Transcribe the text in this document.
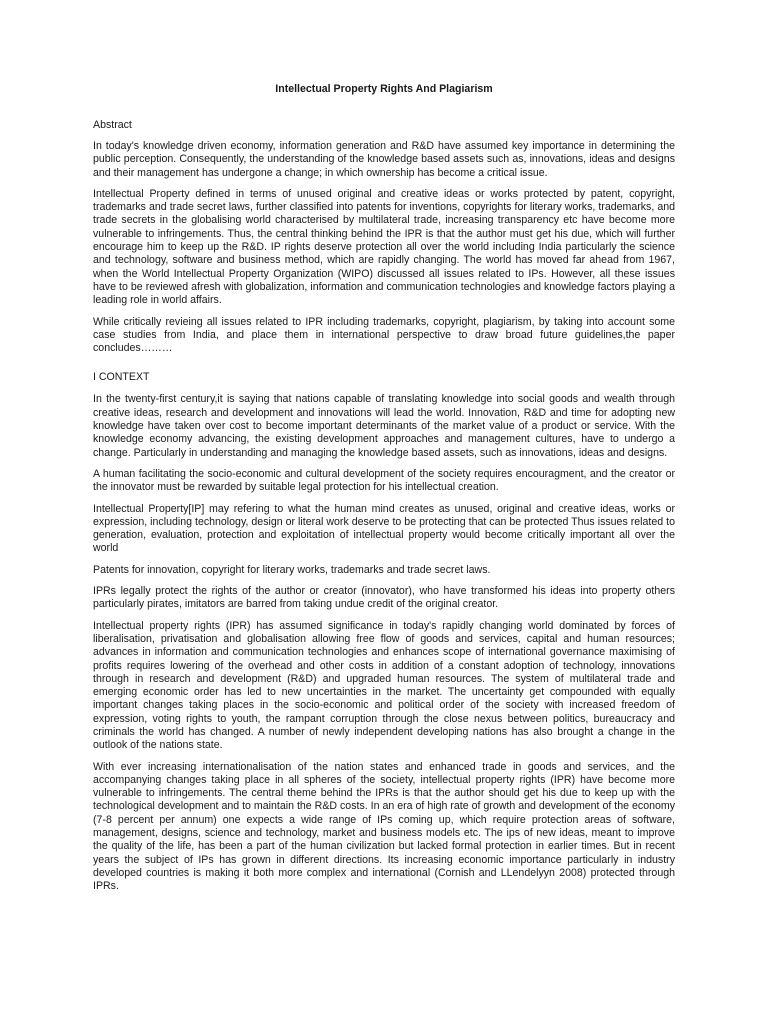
Intellectual Property Rights And Plagiarism
Abstract

In today's knowledge driven economy, information generation and R&D have assumed key importance in determining the public perception. Consequently, the understanding of the knowledge based assets such as, innovations, ideas and designs and their management has undergone a change; in which ownership has become a critical issue.

Intellectual Property defined in terms of unused original and creative ideas or works protected by patent, copyright, trademarks and trade secret laws, further classified into patents for inventions, copyrights for literary works, trademarks, and trade secrets in the globalising world characterised by multilateral trade, increasing transparency etc have become more vulnerable to infringements. Thus, the central thinking behind the IPR is that the author must get his due, which will further encourage him to keep up the R&D. IP rights deserve protection all over the world including India particularly the science and technology, software and business method, which are rapidly changing. The world has moved far ahead from 1967, when the World Intellectual Property Organization (WIPO) discussed all issues related to IPs. However, all these issues have to be reviewed afresh with globalization, information and communication technologies and knowledge factors playing a leading role in world affairs.

While critically revieing all issues related to IPR including trademarks, copyright, plagiarism, by taking into account some case studies from India, and place them in international perspective to draw broad future guidelines,the paper concludes………

I CONTEXT

In the twenty-first century,it is saying that nations capable of translating knowledge into social goods and wealth through creative ideas, research and development and innovations will lead the world. Innovation, R&D and time for adopting new knowledge have taken over cost to become important determinants of the market value of a product or service. With the knowledge economy advancing, the existing development approaches and management cultures, have to undergo a change. Particularly in understanding and managing the knowledge based assets, such as innovations, ideas and designs.

A human facilitating the socio-economic and cultural development of the society requires encouragment, and the creator or the innovator must be rewarded by suitable legal protection for his intellectual creation.

Intellectual Property[IP] may refering to what the human mind creates as unused, original and creative ideas, works or expression, including technology, design or literal work deserve to be protecting that can be protected Thus issues related to generation, evaluation, protection and exploitation of intellectual property would become critically important all over the world

Patents for innovation, copyright for literary works, trademarks and trade secret laws.

IPRs legally protect the rights of the author or creator (innovator), who have transformed his ideas into property others particularly pirates, imitators are barred from taking undue credit of the original creator.

Intellectual property rights (IPR) has assumed significance in today's rapidly changing world dominated by forces of liberalisation, privatisation and globalisation allowing free flow of goods and services, capital and human resources; advances in information and communication technologies and enhances scope of international governance maximising of profits requires lowering of the overhead and other costs in addition of a constant adoption of technology, innovations through in research and development (R&D) and upgraded human resources. The system of multilateral trade and emerging economic order has led to new uncertainties in the market. The uncertainty get compounded with equally important changes taking places in the socio-economic and political order of the society with increased freedom of expression, voting rights to youth, the rampant corruption through the close nexus between politics, bureaucracy and criminals the world has changed. A number of newly independent developing nations has also brought a change in the outlook of the nations state.

With ever increasing internationalisation of the nation states and enhanced trade in goods and services, and the accompanying changes taking place in all spheres of the society, intellectual property rights (IPR) have become more vulnerable to infringements. The central theme behind the IPRs is that the author should get his due to keep up with the technological development and to maintain the R&D costs. In an era of high rate of growth and development of the economy (7-8 percent per annum) one expects a wide range of IPs coming up, which require protection areas of software, management, designs, science and technology, market and business models etc. The ips of new ideas, meant to improve the quality of the life, has been a part of the human civilization but lacked formal protection in earlier times. But in recent years the subject of IPs has grown in different directions. Its increasing economic importance particularly in industry developed countries is making it both more complex and international (Cornish and LLendelyyn 2008) protected through IPRs.
